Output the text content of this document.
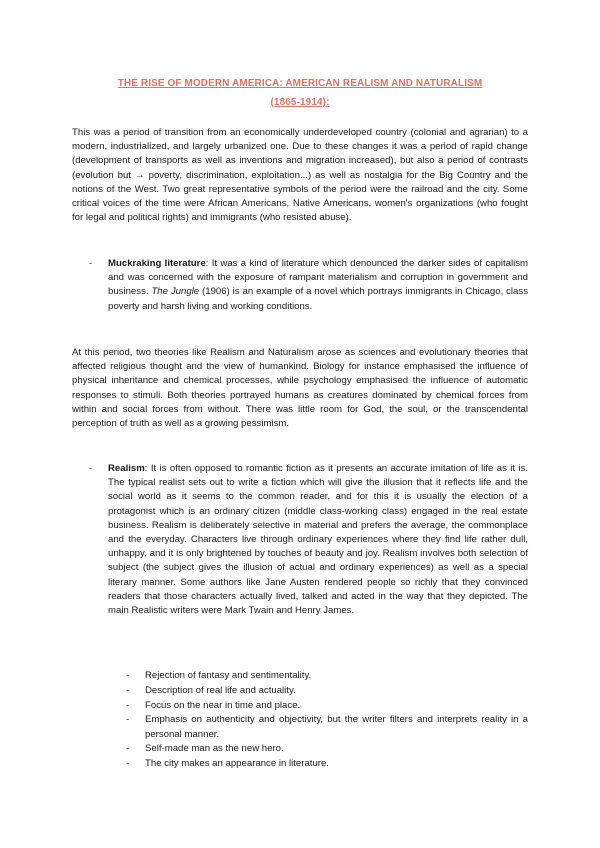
THE RISE OF MODERN AMERICA: AMERICAN REALISM AND NATURALISM
(1865-1914):

This was a period of transition from an economically underdeveloped country (colonial and agrarian) to a modern, industrialized, and largely urbanized one. Due to these changes it was a period of rapid change (development of transports as well as inventions and migration increased), but also a period of contrasts (evolution but → poverty, discrimination, exploitation...) as well as nostalgia for the Big Country and the notions of the West. Two great representative symbols of the period were the railroad and the city. Some critical voices of the time were African Americans, Native Americans, women's organizations (who fought for legal and political rights) and immigrants (who resisted abuse).

-	Muckraking literature: It was a kind of literature which denounced the darker sides of capitalism and was concerned with the exposure of rampant materialism and corruption in government and business. The Jungle (1906) is an example of a novel which portrays immigrants in Chicago, class poverty and harsh living and working conditions.

At this period, two theories like Realism and Naturalism arose as sciences and evolutionary theories that affected religious thought and the view of humankind. Biology for instance emphasised the influence of physical inheritance and chemical processes, while psychology emphasised the influence of automatic responses to stimuli. Both theories portrayed humans as creatures dominated by chemical forces from within and social forces from without. There was little room for God, the soul, or the transcendental perception of truth as well as a growing pessimism.

-	Realism: It is often opposed to romantic fiction as it presents an accurate imitation of life as it is. The typical realist sets out to write a fiction which will give the illusion that it reflects life and the social world as it seems to the common reader, and for this it is usually the election of a protagonist which is an ordinary citizen (middle class-working class) engaged in the real estate business. Realism is deliberately selective in material and prefers the average, the commonplace and the everyday. Characters live through ordinary experiences where they find life rather dull, unhappy, and it is only brightened by touches of beauty and joy. Realism involves both selection of subject (the subject gives the illusion of actual and ordinary experiences) as well as a special literary manner. Some authors like Jane Austen rendered people so richly that they convinced readers that those characters actually lived, talked and acted in the way that they depicted. The main Realistic writers were Mark Twain and Henry James.

- Rejection of fantasy and sentimentality.

- Description of real life and actuality.

- Focus on the near in time and place.

- Emphasis on authenticity and objectivity, but the writer filters and interprets reality in a personal manner.

- Self-made man as the new hero.

- The city makes an appearance in literature.
